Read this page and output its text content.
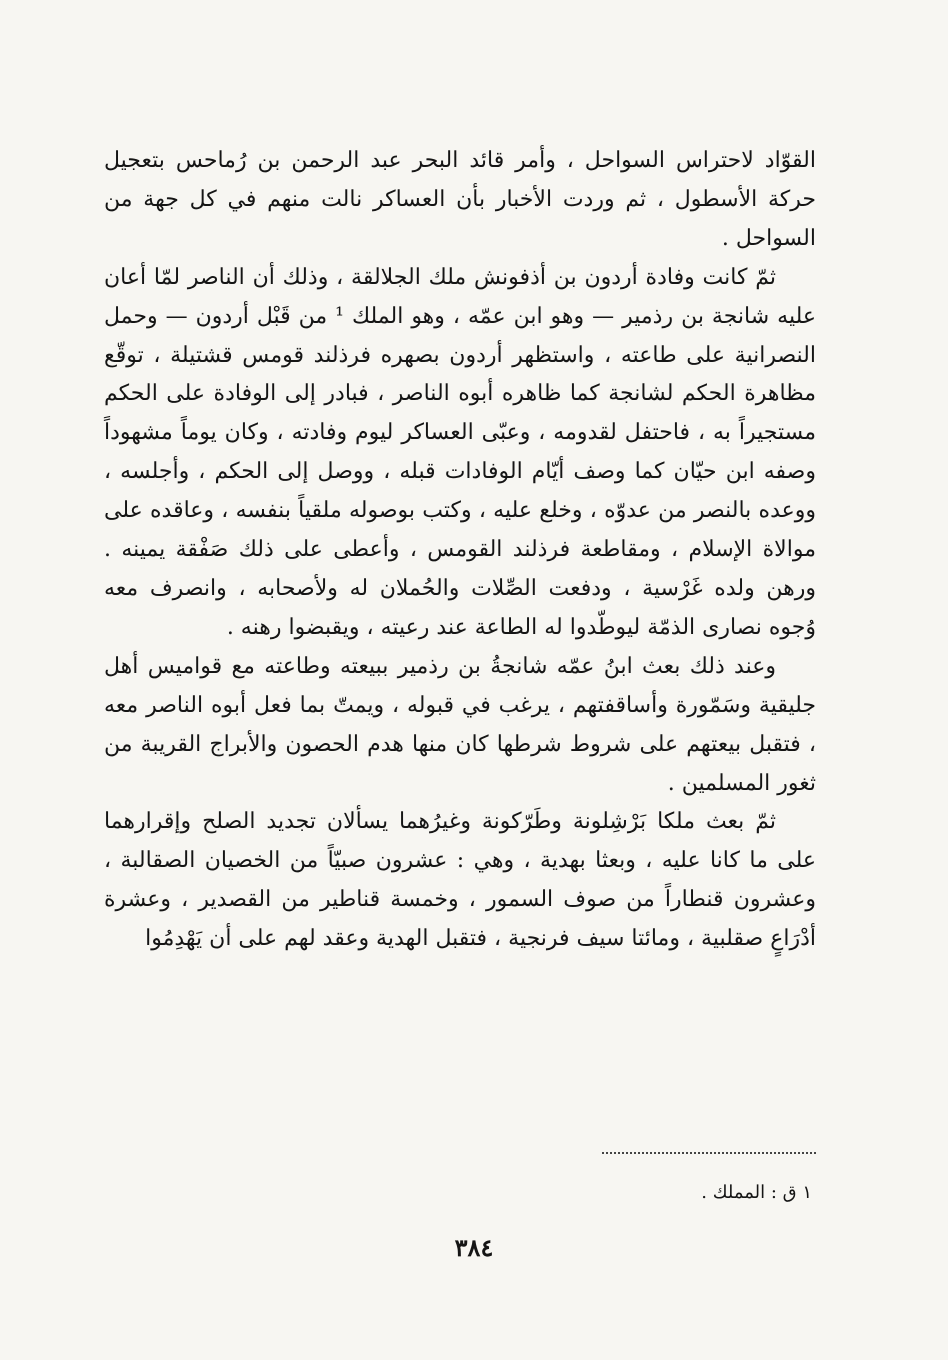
القوّاد لاحتراس السواحل ، وأمر قائد البحر عبد الرحمن بن رُماحس بتعجيل حركة الأسطول ، ثم وردت الأخبار بأن العساكر نالت منهم في كل جهة من السواحل .

ثمّ كانت وفادة أردون بن أذفونش ملك الجلالقة ، وذلك أن الناصر لمّا أعان عليه شانجة بن رذمير — وهو ابن عمّه ، وهو الملك ¹ من قَبْل أردون — وحمل النصرانية على طاعته ، واستظهر أردون بصهره فرذلند قومس قشتيلة ، توقّع مظاهرة الحكم لشانجة كما ظاهره أبوه الناصر ، فبادر إلى الوفادة على الحكم مستجيراً به ، فاحتفل لقدومه ، وعبّى العساكر ليوم وفادته ، وكان يوماً مشهوداً وصفه ابن حيّان كما وصف أيّام الوفادات قبله ، ووصل إلى الحكم ، وأجلسه ، ووعده بالنصر من عدوّه ، وخلع عليه ، وكتب بوصوله ملقياً بنفسه ، وعاقده على موالاة الإسلام ، ومقاطعة فرذلند القومس ، وأعطى على ذلك صَفْقة يمينه . ورهن ولده غَرْسية ، ودفعت الصِّلات والحُملان له ولأصحابه ، وانصرف معه وُجوه نصارى الذمّة ليوطّدوا له الطاعة عند رعيته ، ويقبضوا رهنه .

وعند ذلك بعث ابنُ عمّه شانجةُ بن رذمير ببيعته وطاعته مع قواميس أهل جليقية وسَمّورة وأساقفتهم ، يرغب في قبوله ، ويمتّ بما فعل أبوه الناصر معه ، فتقبل بيعتهم على شروط شرطها كان منها هدم الحصون والأبراج القريبة من ثغور المسلمين .

ثمّ بعث ملكا بَرْشِلونة وطَرّكونة وغيرُهما يسألان تجديد الصلح وإقرارهما على ما كانا عليه ، وبعثا بهدية ، وهي : عشرون صبيّاً من الخصيان الصقالبة ، وعشرون قنطاراً من صوف السمور ، وخمسة قناطير من القصدير ، وعشرة أدْرَاعٍ صقلبية ، ومائتا سيف فرنجية ، فتقبل الهدية وعقد لهم على أن يَهْدِمُوا

١ ق : المملك .
٣٨٤
